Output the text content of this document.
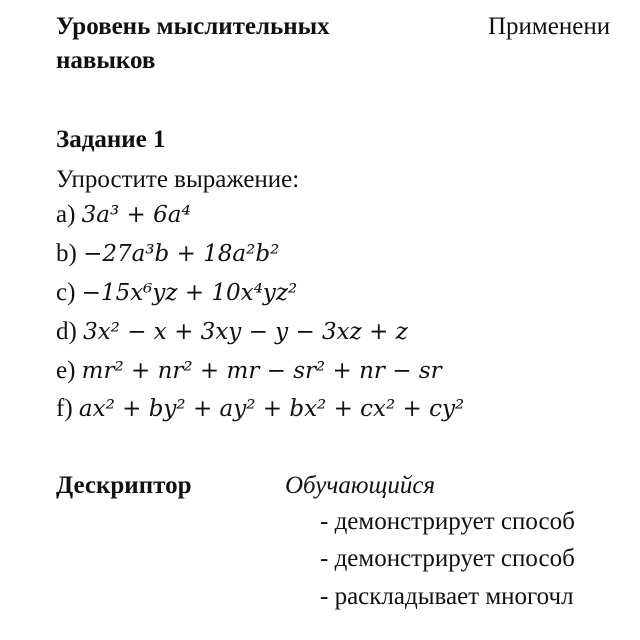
Уровень мыслительных
навыков
Применени
Задание 1
Упростите выражение:
a) 3a³ + 6a⁴
b) −27a³b + 18a²b²
c) −15x⁶yz + 10x⁴yz²
d) 3x² − x + 3xy − y − 3xz + z
e) mr² + nr² + mr − sr² + nr − sr
f) ax² + by² + ay² + bx² + cx² + cy²
Дескриптор	Обучающийся
- демонстрирует способ
- демонстрирует способ
- раскладывает многочл
